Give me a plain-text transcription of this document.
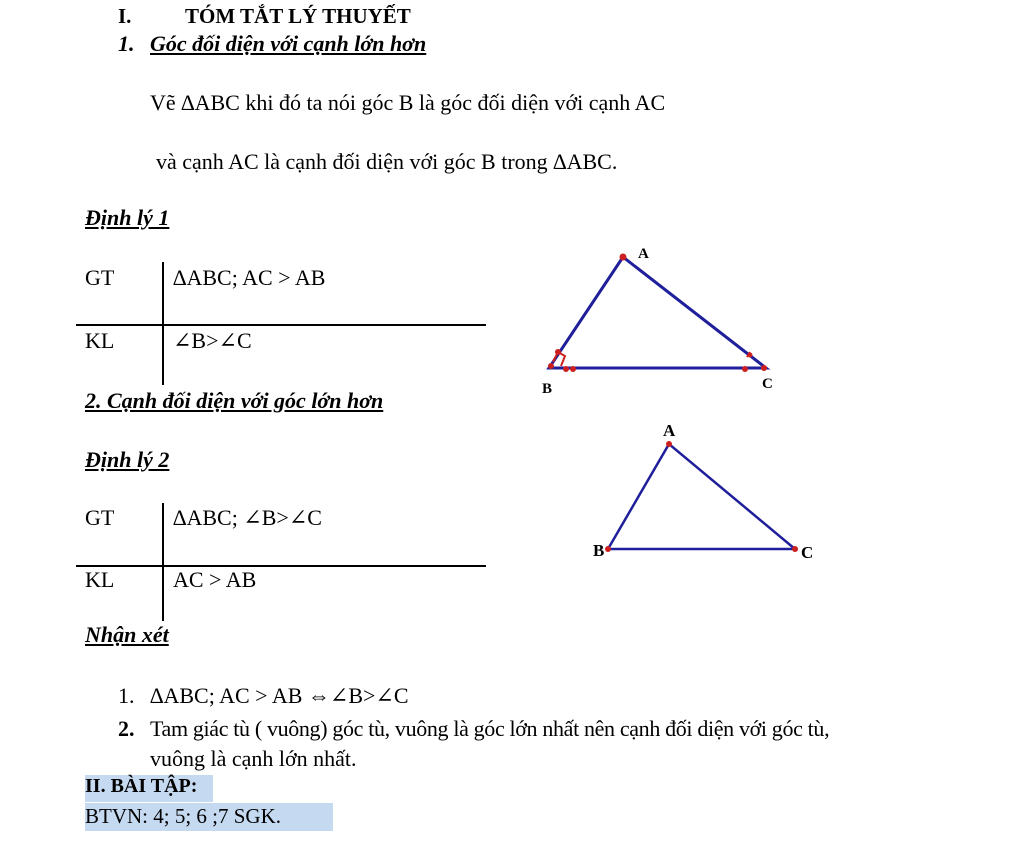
I.	TÓM TẮT LÝ THUYẾT
1. Góc đối diện với cạnh lớn hơn
Vẽ ∆ABC khi đó ta nói góc B là góc đối diện với cạnh AC
và cạnh AC là cạnh đối diện với góc B trong ∆ABC.
Định lý 1
GT	∆ABC; AC > AB
KL	∠B>∠C
A
B	C
2. Cạnh đối diện với góc lớn hơn
Định lý 2
GT	∆ABC; ∠B>∠C
KL	AC > AB
A
B	C
Nhận xét
1. ∆ABC; AC > AB ⇔∠B>∠C
2. Tam giác tù ( vuông) góc tù, vuông là góc lớn nhất nên cạnh đối diện với góc tù,
vuông là cạnh lớn nhất.
II. BÀI TẬP:
BTVN: 4; 5; 6 ;7 SGK.
